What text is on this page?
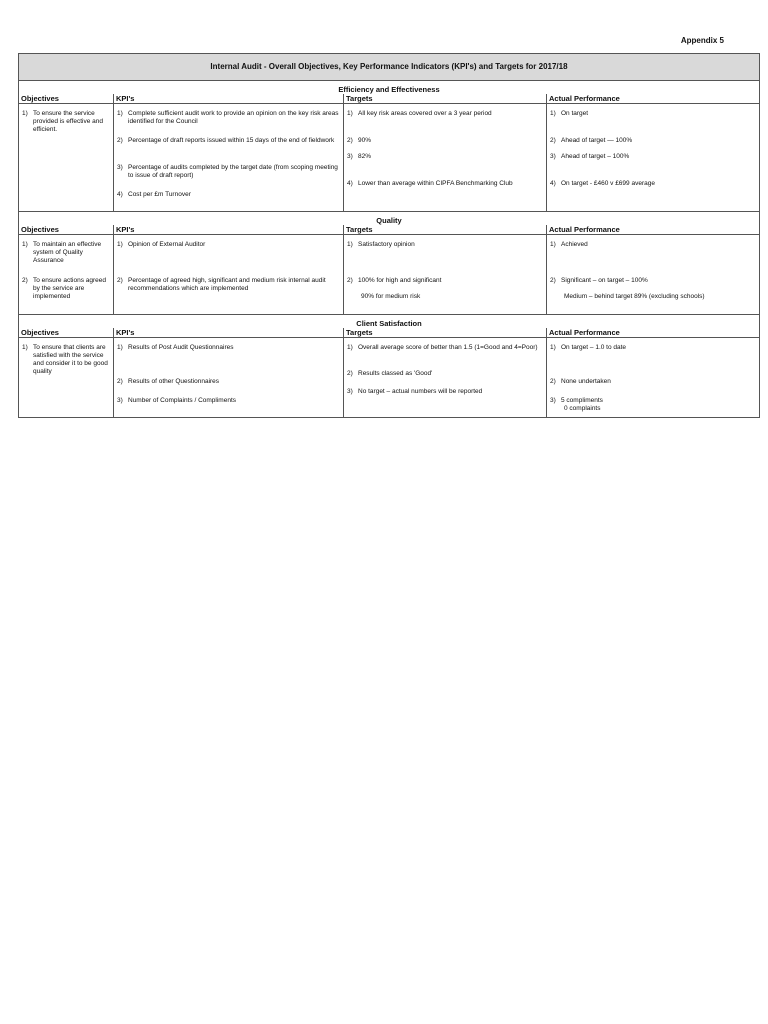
Appendix 5
Internal Audit - Overall Objectives, Key Performance Indicators (KPI's) and Targets for 2017/18
Efficiency and Effectiveness
Objectives
1) To ensure the service provided is effective and efficient.
KPI's
1) Complete sufficient audit work to provide an opinion on the key risk areas identified for the Council
2) Percentage of draft reports issued within 15 days of the end of fieldwork
3) Percentage of audits completed by the target date (from scoping meeting to issue of draft report)
4) Cost per £m Turnover
Targets
1) All key risk areas covered over a 3 year period
2) 90%
3) 82%
4) Lower than average within CIPFA Benchmarking Club
Actual Performance
1) On target
2) Ahead of target — 100%
3) Ahead of target – 100%
4) On target - £460 v £699 average
Quality
Objectives
1) To maintain an effective system of Quality Assurance
2) To ensure actions agreed by the service are implemented
KPI's
1) Opinion of External Auditor
2) Percentage of agreed high, significant and medium risk internal audit recommendations which are implemented
Targets
1) Satisfactory opinion
2) 100% for high and significant
90% for medium risk
Actual Performance
1) Achieved
2) Significant – on target – 100%
Medium – behind target 89% (excluding schools)
Client Satisfaction
Objectives
1) To ensure that clients are satisfied with the service and consider it to be good quality
KPI's
1) Results of Post Audit Questionnaires
2) Results of other Questionnaires
3) Number of Complaints / Compliments
Targets
1) Overall average score of better than 1.5 (1=Good and 4=Poor)
2) Results classed as 'Good'
3) No target – actual numbers will be reported
Actual Performance
1) On target – 1.0 to date
2) None undertaken
3) 5 compliments
0 complaints
